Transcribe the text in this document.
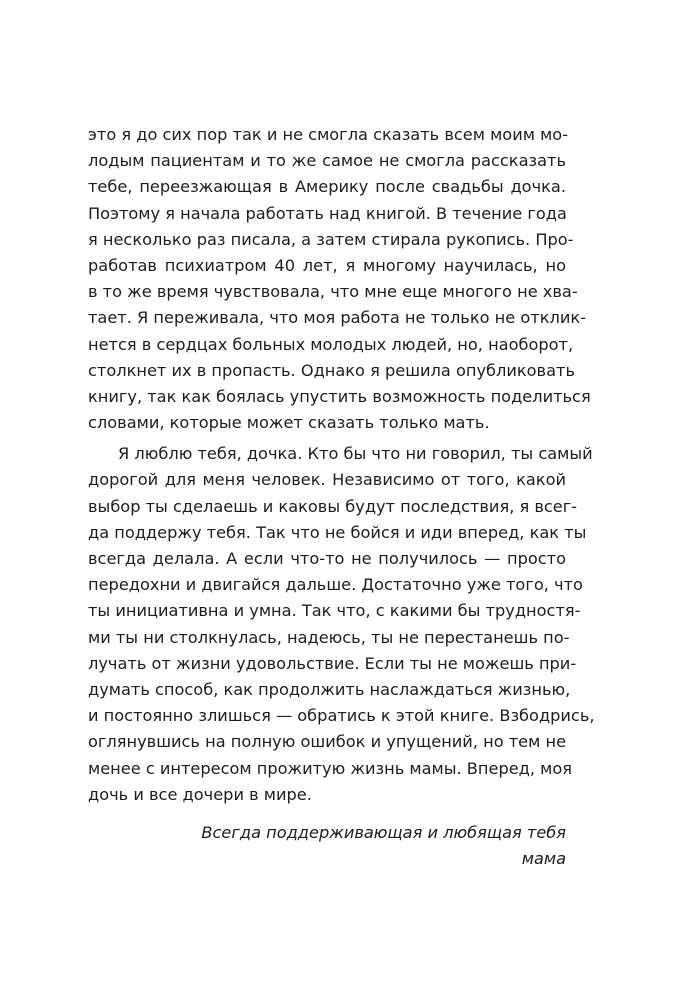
это я до сих пор так и не смогла сказать всем моим мо-
лодым пациентам и то же самое не смогла рассказать
тебе, переезжающая в Америку после свадьбы дочка.
Поэтому я начала работать над книгой. В течение года
я несколько раз писала, а затем стирала рукопись. Про-
работав психиатром 40 лет, я многому научилась, но
в то же время чувствовала, что мне еще многого не хва-
тает. Я переживала, что моя работа не только не отклик-
нется в сердцах больных молодых людей, но, наоборот,
столкнет их в пропасть. Однако я решила опубликовать
книгу, так как боялась упустить возможность поделиться
словами, которые может сказать только мать.
Я люблю тебя, дочка. Кто бы что ни говорил, ты самый
дорогой для меня человек. Независимо от того, какой
выбор ты сделаешь и каковы будут последствия, я всег-
да поддержу тебя. Так что не бойся и иди вперед, как ты
всегда делала. А если что-то не получилось — просто
передохни и двигайся дальше. Достаточно уже того, что
ты инициативна и умна. Так что, с какими бы трудностя-
ми ты ни столкнулась, надеюсь, ты не перестанешь по-
лучать от жизни удовольствие. Если ты не можешь при-
думать способ, как продолжить наслаждаться жизнью,
и постоянно злишься — обратись к этой книге. Взбодрись,
оглянувшись на полную ошибок и упущений, но тем не
менее с интересом прожитую жизнь мамы. Вперед, моя
дочь и все дочери в мире.
Всегда поддерживающая и любящая тебя
мама
